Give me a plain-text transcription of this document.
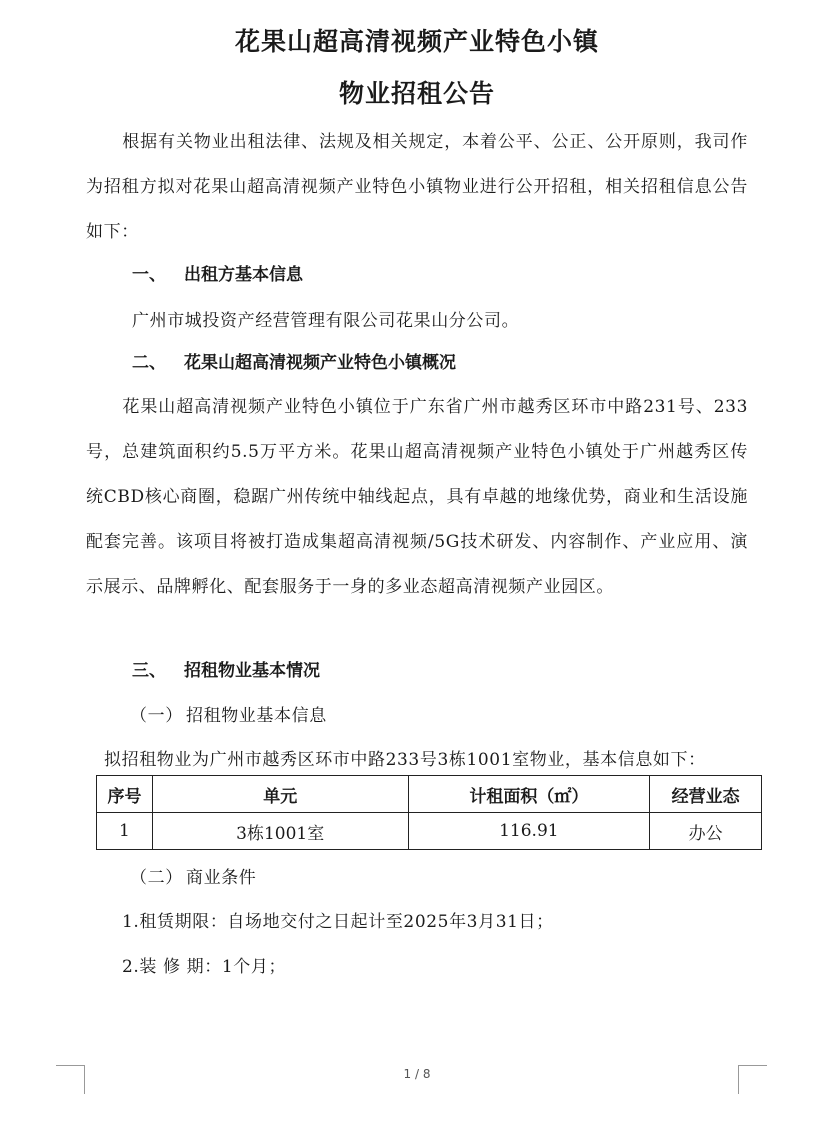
花果山超高清视频产业特色小镇
物业招租公告
根据有关物业出租法律、法规及相关规定，本着公平、公正、公开原则，我司作为招租方拟对花果山超高清视频产业特色小镇物业进行公开招租，相关招租信息公告如下：
一、 出租方基本信息
广州市城投资产经营管理有限公司花果山分公司。
二、 花果山超高清视频产业特色小镇概况
花果山超高清视频产业特色小镇位于广东省广州市越秀区环市中路231号、233号，总建筑面积约5.5万平方米。花果山超高清视频产业特色小镇处于广州越秀区传统CBD核心商圈，稳踞广州传统中轴线起点，具有卓越的地缘优势，商业和生活设施配套完善。该项目将被打造成集超高清视频/5G技术研发、内容制作、产业应用、演示展示、品牌孵化、配套服务于一身的多业态超高清视频产业园区。
三、 招租物业基本情况
（一） 招租物业基本信息
拟招租物业为广州市越秀区环市中路233号3栋1001室物业，基本信息如下：
序号	单元	计租面积（㎡）	经营业态
1	3栋1001室	116.91	办公
（二） 商业条件
1.租赁期限：自场地交付之日起计至2025年3月31日；
2.装 修 期：1个月；
1 / 8
